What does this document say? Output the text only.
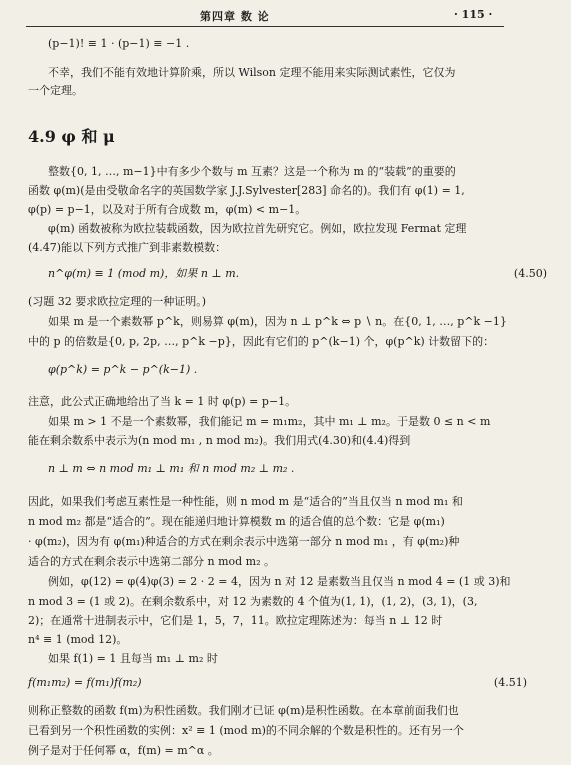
第四章 数 论	· 115 ·
(p−1)! ≡ 1 · (p−1) ≡ −1 .
不幸，我们不能有效地计算阶乘，所以 Wilson 定理不能用来实际测试素性，它仅为
一个定理。
4.9 φ 和 μ
整数{0, 1, …, m−1}中有多少个数与 m 互素？这是一个称为 m 的“装载”的重要的
函数 φ(m)(是由受敬命名字的英国数学家 J.J.Sylvester[283] 命名的)。我们有 φ(1) = 1,
φ(p) = p−1，以及对于所有合成数 m，φ(m) < m−1。
φ(m) 函数被称为欧拉装载函数，因为欧拉首先研究它。例如，欧拉发现 Fermat 定理
(4.47)能以下列方式推广到非素数模数：
n^φ(m) ≡ 1 (mod m)，如果 n ⊥ m.	(4.50)
(习题 32 要求欧拉定理的一种证明。)
如果 m 是一个素数幂 p^k，则易算 φ(m)，因为 n ⊥ p^k ⇔ p ∖ n。在{0, 1, …, p^k −1}
中的 p 的倍数是{0, p, 2p, …, p^k −p}，因此有它们的 p^(k−1) 个，φ(p^k) 计数留下的：
φ(p^k) = p^k − p^(k−1) .
注意，此公式正确地给出了当 k = 1 时 φ(p) = p−1。
如果 m > 1 不是一个素数幂，我们能记 m = m₁m₂，其中 m₁ ⊥ m₂。于是数 0 ≤ n < m
能在剩余数系中表示为(n mod m₁ , n mod m₂)。我们用式(4.30)和(4.4)得到
n ⊥ m ⇔ n mod m₁ ⊥ m₁ 和 n mod m₂ ⊥ m₂ .
因此，如果我们考虑互素性是一种性能，则 n mod m 是“适合的”当且仅当 n mod m₁ 和
n mod m₂ 都是“适合的”。现在能递归地计算模数 m 的适合值的总个数：它是 φ(m₁)
· φ(m₂)，因为有 φ(m₁)种适合的方式在剩余表示中选第一部分 n mod m₁ ，有 φ(m₂)种
适合的方式在剩余表示中选第二部分 n mod m₂ 。
例如，φ(12) = φ(4)φ(3) = 2 · 2 = 4，因为 n 对 12 是素数当且仅当 n mod 4 = (1 或 3)和
n mod 3 = (1 或 2)。在剩余数系中，对 12 为素数的 4 个值为(1, 1)，(1, 2)，(3, 1)，(3,
2)；在通常十进制表示中，它们是 1，5，7，11。欧拉定理陈述为：每当 n ⊥ 12 时
n⁴ ≡ 1 (mod 12)。
如果 f(1) = 1 且每当 m₁ ⊥ m₂ 时
f(m₁m₂) = f(m₁)f(m₂)	(4.51)
则称正整数的函数 f(m)为积性函数。我们刚才已证 φ(m)是积性函数。在本章前面我们也
已看到另一个积性函数的实例：x² ≡ 1 (mod m)的不同余解的个数是积性的。还有另一个
例子是对于任何幂 α，f(m) = m^α 。
